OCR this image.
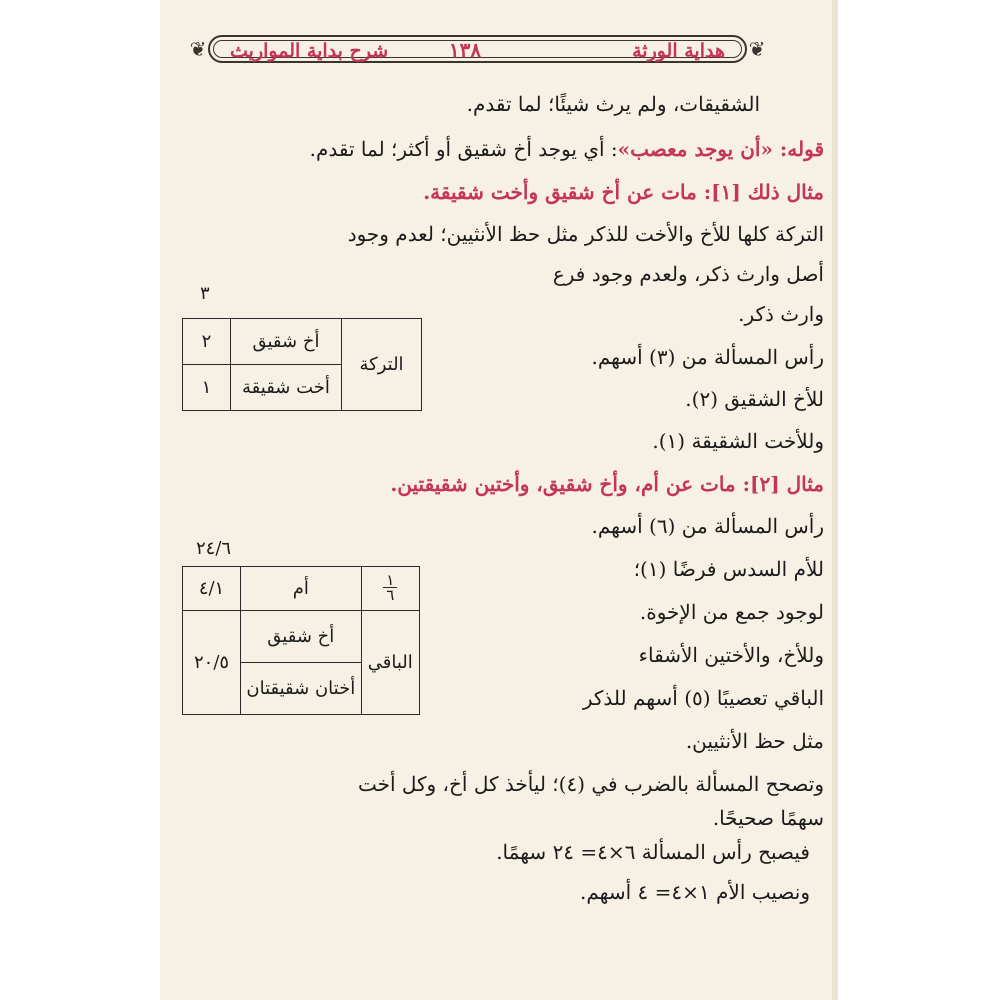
❦	❦
شرح بداية المواريث	١٣٨	هداية الورثة
الشقيقات، ولم يرث شيئًا؛ لما تقدم.
قوله: «أن يوجد معصب»: أي يوجد أخ شقيق أو أكثر؛ لما تقدم.
مثال ذلك [١]: مات عن أخ شقيق وأخت شقيقة.
التركة كلها للأخ والأخت للذكر مثل حظ الأنثيين؛ لعدم وجود
أصل وارث ذكر، ولعدم وجود فرع
وارث ذكر.
رأس المسألة من (٣) أسهم.
للأخ الشقيق (٢).
وللأخت الشقيقة (١).
مثال [٢]: مات عن أم، وأخ شقيق، وأختين شقيقتين.
رأس المسألة من (٦) أسهم.
للأم السدس فرضًا (١)؛
لوجود جمع من الإخوة.
وللأخ، والأختين الأشقاء
الباقي تعصيبًا (٥) أسهم للذكر
مثل حظ الأنثيين.
وتصحح المسألة بالضرب في (٤)؛ ليأخذ كل أخ، وكل أخت
سهمًا صحيحًا.
فيصبح رأس المسألة ٦×٤= ٢٤ سهمًا.
ونصيب الأم ١×٤= ٤ أسهم.
٣
التركة	أخ شقيق	٢
	أخت شقيقة	١
٢٤/٦
$\frac{١}{٦}$	أم	٤/١
الباقي	أخ شقيق	٢٠/٥
	أختان شقيقتان	
